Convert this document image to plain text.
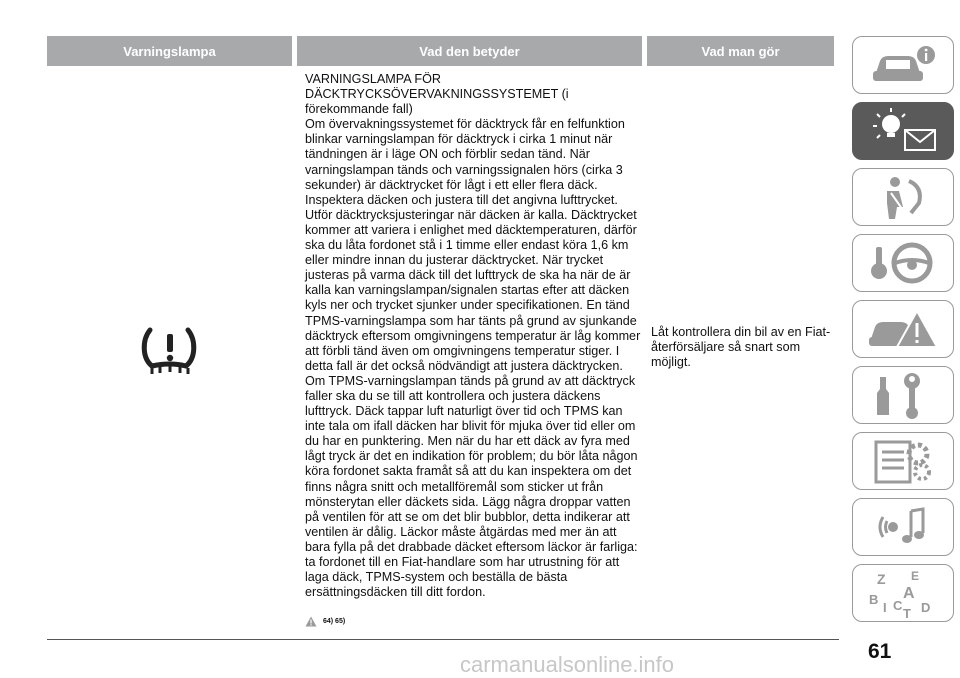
Varningslampa	Vad den betyder	Vad man gör
VARNINGSLAMPA FÖR DÄCKTRYCKSÖVERVAKNINGSSYSTEMET (i förekommande fall)
Om övervakningssystemet för däcktryck får en felfunktion blinkar varningslampan för däcktryck i cirka 1 minut när tändningen är i läge ON och förblir sedan tänd. När varningslampan tänds och varningssignalen hörs (cirka 3 sekunder) är däcktrycket för lågt i ett eller flera däck. Inspektera däcken och justera till det angivna lufttrycket. Utför däcktrycksjusteringar när däcken är kalla. Däcktrycket kommer att variera i enlighet med däcktemperaturen, därför ska du låta fordonet stå i 1 timme eller endast köra 1,6 km eller mindre innan du justerar däcktrycket. När trycket justeras på varma däck till det lufttryck de ska ha när de är kalla kan varningslampan/signalen startas efter att däcken kyls ner och trycket sjunker under specifikationen. En tänd TPMS-varningslampa som har tänts på grund av sjunkande däcktryck eftersom omgivningens temperatur är låg kommer att förbli tänd även om omgivningens temperatur stiger. I detta fall är det också nödvändigt att justera däcktrycken. Om TPMS-varningslampan tänds på grund av att däcktryck faller ska du se till att kontrollera och justera däckens lufttryck. Däck tappar luft naturligt över tid och TPMS kan inte tala om ifall däcken har blivit för mjuka över tid eller om du har en punktering. Men när du har ett däck av fyra med lågt tryck är det en indikation för problem; du bör låta någon köra fordonet sakta framåt så att du kan inspektera om det finns några snitt och metallföremål som sticker ut från mönsterytan eller däckets sida. Lägg några droppar vatten på ventilen för att se om det blir bubblor, detta indikerar att ventilen är dålig. Läckor måste åtgärdas med mer än att bara fylla på det drabbade däcket eftersom läckor är farliga: ta fordonet till en Fiat-handlare som har utrustning för att laga däck, TPMS-system och beställa de bästa ersättningsdäcken till ditt fordon.
64) 65)
Låt kontrollera din bil av en Fiat-återförsäljare så snart som möjligt.
Z E
B A
I C
T D
61
carmanualsonline.info
